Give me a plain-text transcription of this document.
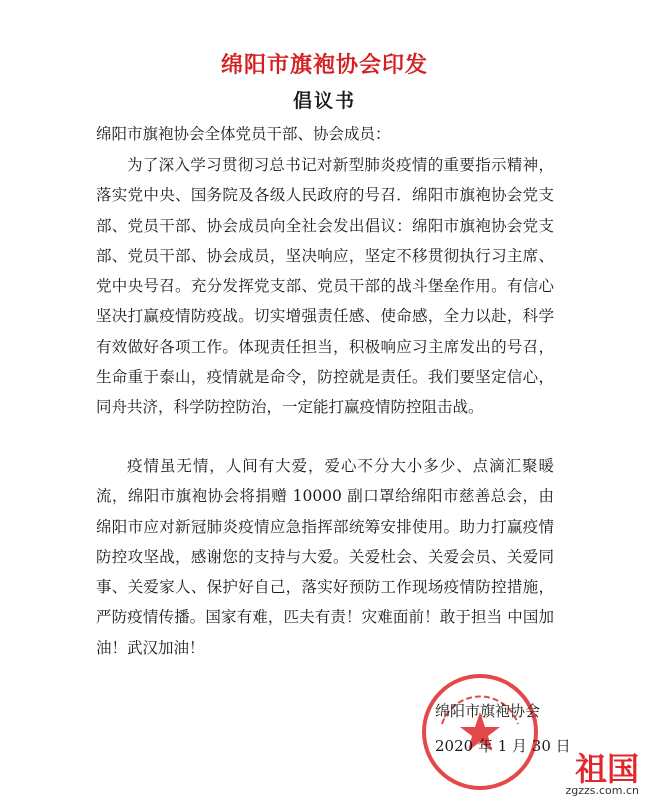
绵阳市旗袍协会印发
倡议书
绵阳市旗袍协会全体党员干部、协会成员：
为了深入学习贯彻习总书记对新型肺炎疫情的重要指示精神，落实党中央、国务院及各级人民政府的号召．绵阳市旗袍协会党支部、党员干部、协会成员向全社会发出倡议：绵阳市旗袍协会党支部、党员干部、协会成员，坚决响应，坚定不移贯彻执行习主席、党中央号召。充分发挥党支部、党员干部的战斗堡垒作用。有信心坚决打赢疫情防疫战。切实增强责任感、使命感，全力以赴，科学有效做好各项工作。体现责任担当，积极响应习主席发出的号召，生命重于泰山，疫情就是命令，防控就是责任。我们要坚定信心，同舟共济，科学防控防治，一定能打赢疫情防控阻击战。
疫情虽无情，人间有大爱，爱心不分大小多少、点滴汇聚暖流，绵阳市旗袍协会将捐赠 10000 副口罩给绵阳市慈善总会，由绵阳市应对新冠肺炎疫情应急指挥部统筹安排使用。助力打赢疫情防控攻坚战，感谢您的支持与大爱。关爱杜会、关爱会员、关爱同事、关爱家人、保护好自己，落实好预防工作现场疫情防控措施，严防疫情传播。国家有难，匹夫有责！灾难面前！敢于担当 中国加油！武汉加油！
绵阳市旗袍协会
2020 年 1 月 30 日
祖国
zgzzs.com.cn
